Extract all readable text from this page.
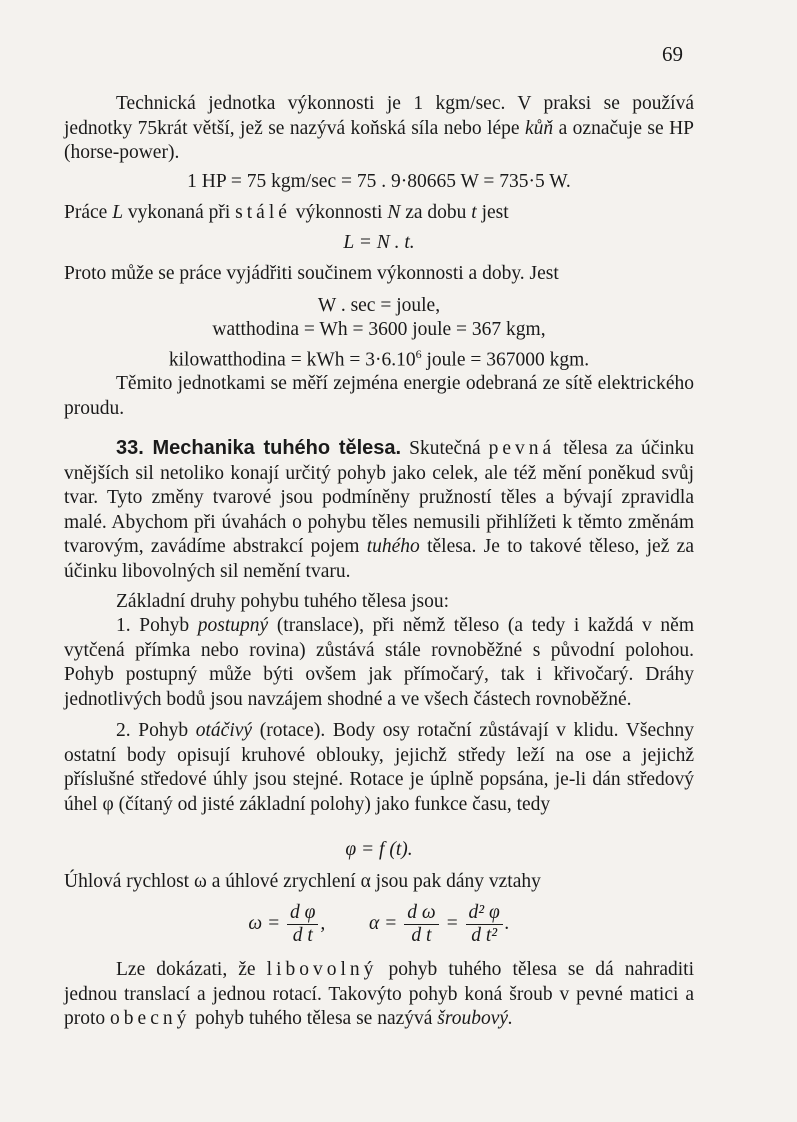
69
Technická jednotka výkonnosti je 1 kgm/sec. V praksi se používá jednotky 75krát větší, jež se nazývá koňská síla nebo lépe kůň a označuje se HP (horse-power).
1 HP = 75 kgm/sec = 75 . 9·80665 W = 735·5 W.
Práce L vykonaná při stálé výkonnosti N za dobu t jest
L = N . t.
Proto může se práce vyjádřiti součinem výkonnosti a doby. Jest
W . sec = joule,
watthodina = Wh = 3600 joule = 367 kgm,
kilowatthodina = kWh = $3\cdot 6.10^6$ joule = 367000 kgm.
Těmito jednotkami se měří zejména energie odebraná ze sítě elektrického proudu.
33. Mechanika tuhého tělesa. Skutečná pevná tělesa za účinku vnějších sil netoliko konají určitý pohyb jako celek, ale též mění poněkud svůj tvar. Tyto změny tvarové jsou podmíněny pružností těles a bývají zpravidla malé. Abychom při úvahách o pohybu těles nemusili přihlížeti k těmto změnám tvarovým, zavádíme abstrakcí pojem tuhého tělesa. Je to takové těleso, jež za účinku libovolných sil nemění tvaru.
Základní druhy pohybu tuhého tělesa jsou:
1. Pohyb postupný (translace), při němž těleso (a tedy i každá v něm vytčená přímka nebo rovina) zůstává stále rovnoběžné s původní polohou. Pohyb postupný může býti ovšem jak přímočarý, tak i křivočarý. Dráhy jednotlivých bodů jsou navzájem shodné a ve všech částech rovnoběžné.
2. Pohyb otáčivý (rotace). Body osy rotační zůstávají v klidu. Všechny ostatní body opisují kruhové oblouky, jejichž středy leží na ose a jejichž příslušné středové úhly jsou stejné. Rotace je úplně popsána, je-li dán středový úhel φ (čítaný od jisté základní polohy) jako funkce času, tedy
φ = f (t).
Úhlová rychlost ω a úhlové zrychlení α jsou pak dány vztahy
$\omega = \frac{\text{d φ}}{\text{d t}}$ , $\alpha = \frac{\text{d ω}}{\text{d t}} = \frac{\text{d² φ}}{\text{d t²}}$ .
Lze dokázati, že libovolný pohyb tuhého tělesa se dá nahraditi jednou translací a jednou rotací. Takovýto pohyb koná šroub v pevné matici a proto obecný pohyb tuhého tělesa se nazývá šroubový.
